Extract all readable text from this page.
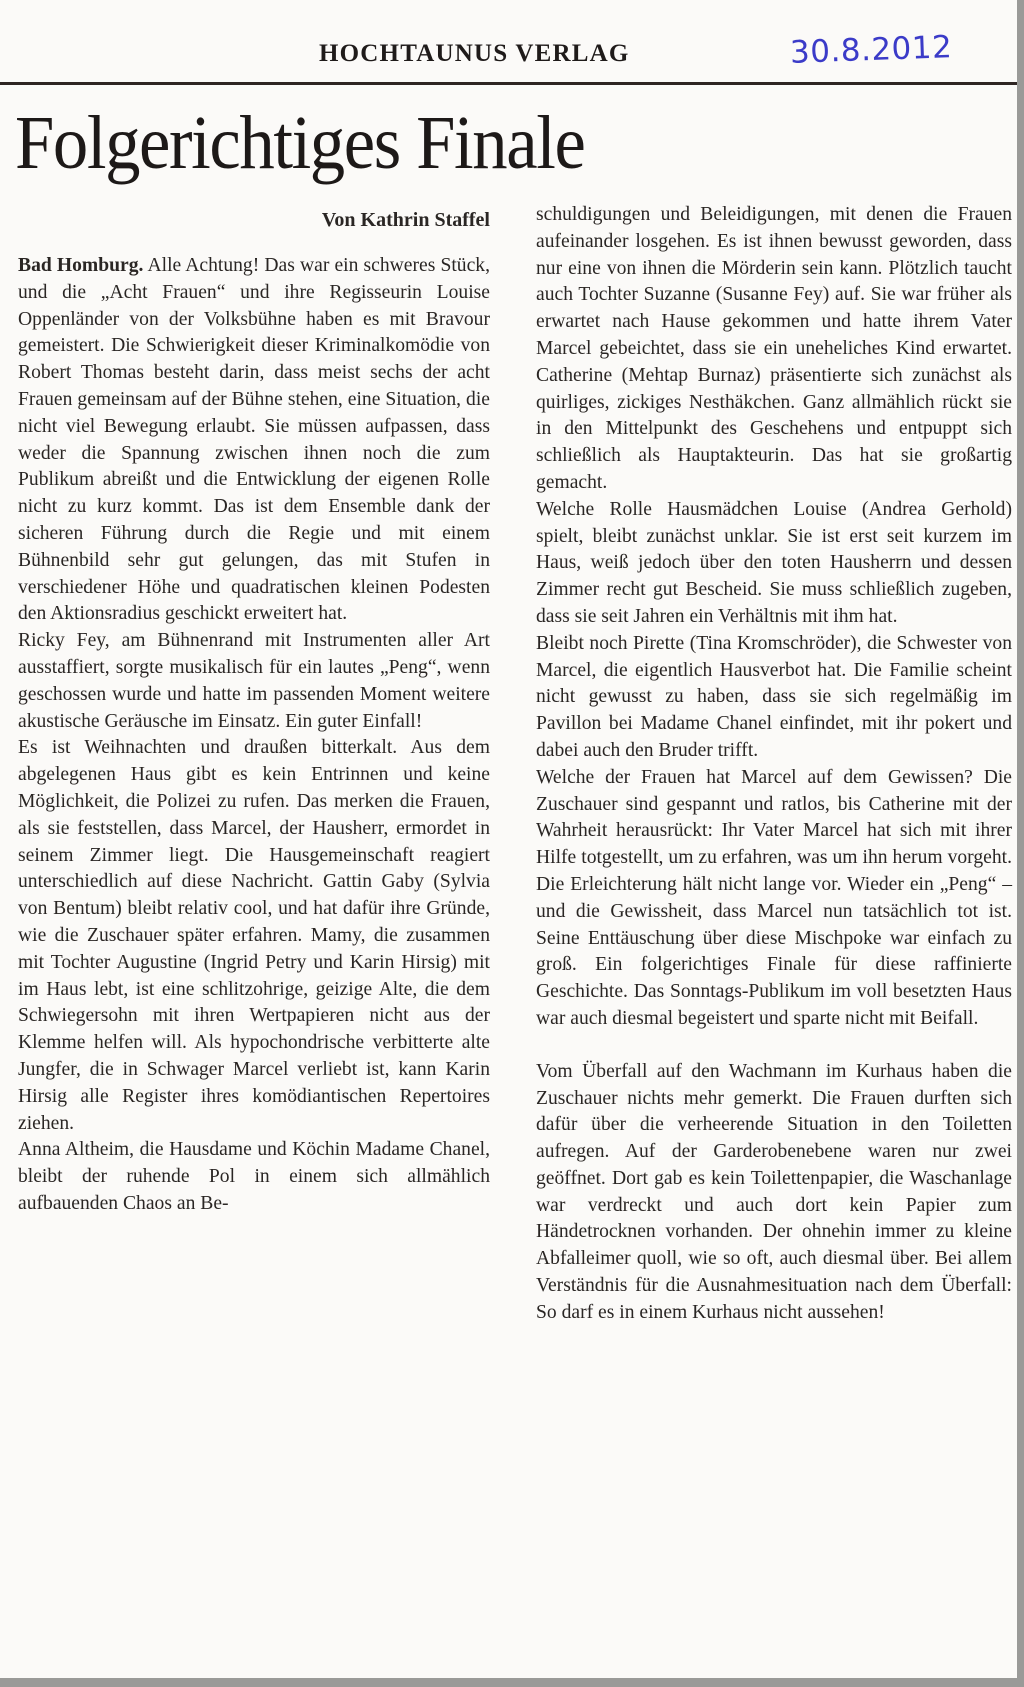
HOCHTAUNUS VERLAG	30.8.2012
Folgerichtiges Finale
Von Kathrin Staffel

Bad Homburg. Alle Achtung! Das war ein schweres Stück, und die „Acht Frauen“ und ihre Regisseurin Louise Oppenländer von der Volksbühne haben es mit Bravour gemeistert. Die Schwierigkeit dieser Kriminalkomödie von Robert Thomas besteht darin, dass meist sechs der acht Frauen gemeinsam auf der Bühne stehen, eine Situation, die nicht viel Bewegung erlaubt. Sie müssen aufpassen, dass weder die Spannung zwischen ihnen noch die zum Publikum abreißt und die Entwicklung der eigenen Rolle nicht zu kurz kommt. Das ist dem Ensemble dank der sicheren Führung durch die Regie und mit einem Bühnenbild sehr gut gelungen, das mit Stufen in verschiedener Höhe und quadratischen kleinen Podesten den Aktionsradius geschickt erweitert hat.

Ricky Fey, am Bühnenrand mit Instrumenten aller Art ausstaffiert, sorgte musikalisch für ein lautes „Peng“, wenn geschossen wurde und hatte im passenden Moment weitere akustische Geräusche im Einsatz. Ein guter Einfall!

Es ist Weihnachten und draußen bitterkalt. Aus dem abgelegenen Haus gibt es kein Entrinnen und keine Möglichkeit, die Polizei zu rufen. Das merken die Frauen, als sie feststellen, dass Marcel, der Hausherr, ermordet in seinem Zimmer liegt. Die Hausgemeinschaft reagiert unterschiedlich auf diese Nachricht. Gattin Gaby (Sylvia von Bentum) bleibt relativ cool, und hat dafür ihre Gründe, wie die Zuschauer später erfahren. Mamy, die zusammen mit Tochter Augustine (Ingrid Petry und Karin Hirsig) mit im Haus lebt, ist eine schlitzohrige, geizige Alte, die dem Schwiegersohn mit ihren Wertpapieren nicht aus der Klemme helfen will. Als hypochondrische verbitterte alte Jungfer, die in Schwager Marcel verliebt ist, kann Karin Hirsig alle Register ihres komödiantischen Repertoires ziehen.

Anna Altheim, die Hausdame und Köchin Madame Chanel, bleibt der ruhende Pol in einem sich allmählich aufbauenden Chaos an Be-

schuldigungen und Beleidigungen, mit denen die Frauen aufeinander losgehen. Es ist ihnen bewusst geworden, dass nur eine von ihnen die Mörderin sein kann. Plötzlich taucht auch Tochter Suzanne (Susanne Fey) auf. Sie war früher als erwartet nach Hause gekommen und hatte ihrem Vater Marcel gebeichtet, dass sie ein uneheliches Kind erwartet. Catherine (Mehtap Burnaz) präsentierte sich zunächst als quirliges, zickiges Nesthäkchen. Ganz allmählich rückt sie in den Mittelpunkt des Geschehens und entpuppt sich schließlich als Hauptakteurin. Das hat sie großartig gemacht.

Welche Rolle Hausmädchen Louise (Andrea Gerhold) spielt, bleibt zunächst unklar. Sie ist erst seit kurzem im Haus, weiß jedoch über den toten Hausherrn und dessen Zimmer recht gut Bescheid. Sie muss schließlich zugeben, dass sie seit Jahren ein Verhältnis mit ihm hat.

Bleibt noch Pirette (Tina Kromschröder), die Schwester von Marcel, die eigentlich Hausverbot hat. Die Familie scheint nicht gewusst zu haben, dass sie sich regelmäßig im Pavillon bei Madame Chanel einfindet, mit ihr pokert und dabei auch den Bruder trifft.

Welche der Frauen hat Marcel auf dem Gewissen? Die Zuschauer sind gespannt und ratlos, bis Catherine mit der Wahrheit herausrückt: Ihr Vater Marcel hat sich mit ihrer Hilfe totgestellt, um zu erfahren, was um ihn herum vorgeht. Die Erleichterung hält nicht lange vor. Wieder ein „Peng“ – und die Gewissheit, dass Marcel nun tatsächlich tot ist. Seine Enttäuschung über diese Mischpoke war einfach zu groß. Ein folgerichtiges Finale für diese raffinierte Geschichte. Das Sonntags-Publikum im voll besetzten Haus war auch diesmal begeistert und sparte nicht mit Beifall.

Vom Überfall auf den Wachmann im Kurhaus haben die Zuschauer nichts mehr gemerkt. Die Frauen durften sich dafür über die verheerende Situation in den Toiletten aufregen. Auf der Garderobenebene waren nur zwei geöffnet. Dort gab es kein Toilettenpapier, die Waschanlage war verdreckt und auch dort kein Papier zum Händetrocknen vorhanden. Der ohnehin immer zu kleine Abfalleimer quoll, wie so oft, auch diesmal über. Bei allem Verständnis für die Ausnahmesituation nach dem Überfall: So darf es in einem Kurhaus nicht aussehen!
